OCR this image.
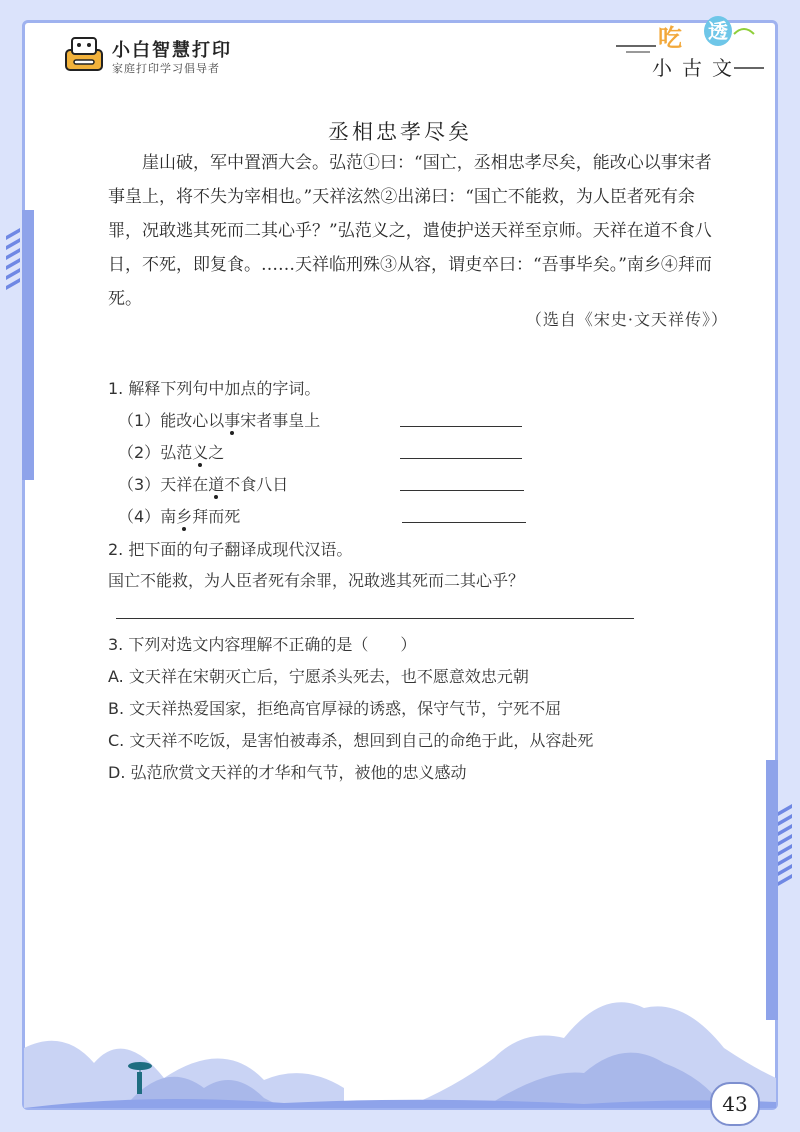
小白智慧打印
家庭打印学习倡导者
吃 透
小古文
丞相忠孝尽矣

崖山破，军中置酒大会。弘范①曰：“国亡，丞相忠孝尽矣，能改心以事宋者事皇上，将不失为宰相也。”天祥泫然②出涕曰：“国亡不能救，为人臣者死有余罪，况敢逃其死而二其心乎？”弘范义之，遣使护送天祥至京师。天祥在道不食八日，不死，即复食。……天祥临刑殊③从容，谓吏卒曰：“吾事毕矣。”南乡④拜而死。

（选自《宋史·文天祥传》）
1. 解释下列句中加点的字词。
（1）能改心以事宋者事皇上
（2）弘范义之
（3）天祥在道不食八日
（4）南乡拜而死
2. 把下面的句子翻译成现代汉语。
国亡不能救，为人臣者死有余罪，况敢逃其死而二其心乎？
3. 下列对选文内容理解不正确的是（　　）
A. 文天祥在宋朝灭亡后，宁愿杀头死去，也不愿意效忠元朝
B. 文天祥热爱国家，拒绝高官厚禄的诱惑，保守气节，宁死不屈
C. 文天祥不吃饭，是害怕被毒杀，想回到自己的命绝于此，从容赴死
D. 弘范欣赏文天祥的才华和气节，被他的忠义感动
43
